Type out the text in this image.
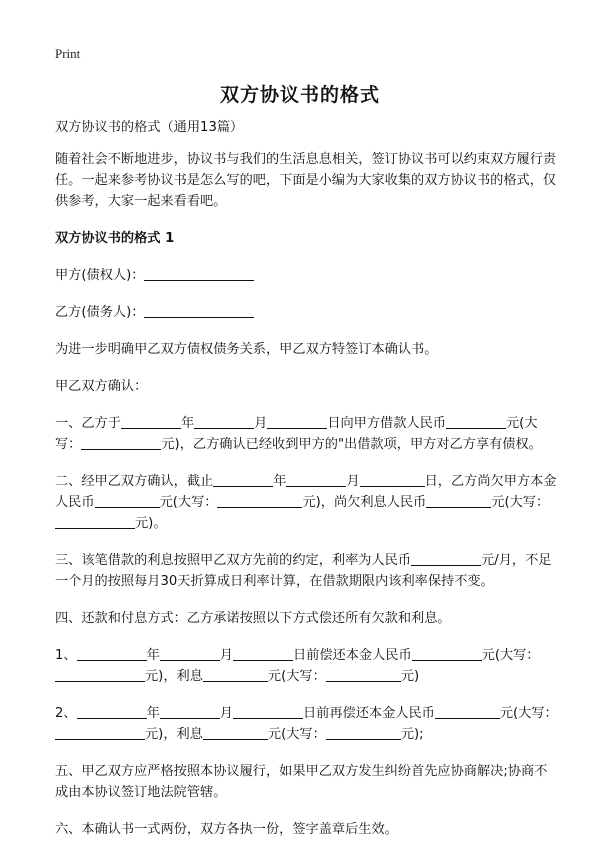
Print
双方协议书的格式

双方协议书的格式（通用13篇）

随着社会不断地进步，协议书与我们的生活息息相关，签订协议书可以约束双方履行责任。一起来参考协议书是怎么写的吧，下面是小编为大家收集的双方协议书的格式，仅供参考，大家一起来看看吧。

双方协议书的格式 1

甲方(债权人)：

乙方(债务人)：

为进一步明确甲乙双方债权债务关系，甲乙双方特签订本确认书。

甲乙双方确认：

一、乙方于	年	月	日向甲方借款人民币	元(大写：	元)，乙方确认已经收到甲方的"出借款项，甲方对乙方享有债权。

二、经甲乙双方确认，截止	年	月	日，乙方尚欠甲方本金人民币	元(大写：	元)，尚欠利息人民币	元(大写：元)。

三、该笔借款的利息按照甲乙双方先前的约定，利率为人民币	元/月，不足一个月的按照每月30天折算成日利率计算，在借款期限内该利率保持不变。

四、还款和付息方式：乙方承诺按照以下方式偿还所有欠款和利息。

1、	年	月	日前偿还本金人民币	元(大写：元)，利息	元(大写：	元)

2、	年	月	日前再偿还本金人民币	元(大写：元)，利息	元(大写：	元);

五、甲乙双方应严格按照本协议履行，如果甲乙双方发生纠纷首先应协商解决;协商不成由本协议签订地法院管辖。

六、本确认书一式两份，双方各执一份，签字盖章后生效。
